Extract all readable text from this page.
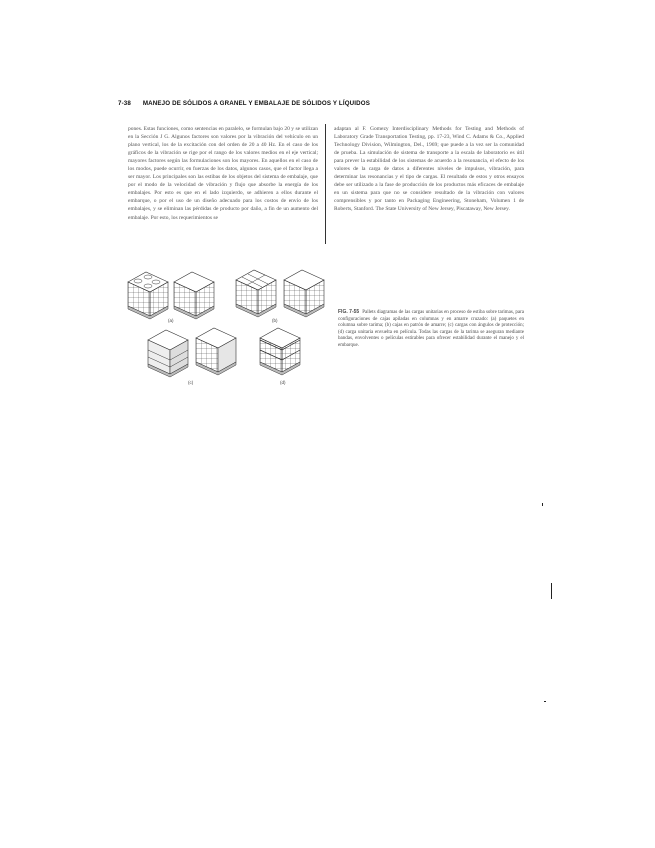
7-38 MANEJO DE SÓLIDOS A GRANEL Y EMBALAJE DE SÓLIDOS Y LÍQUIDOS

pones. Estas funciones, como sentencias en paralelo, se formulan bajo 20 y se utilizan en la Sección J G. Algunos factores son valores por la vibración del vehículo en un plano vertical, los de la excitación con del orden de 20 a 40 Hz. En el caso de los gráficos de la vibración se rige por el rango de los valores medios en el eje vertical; mayores factores según las formulaciones son los mayores. En aquellos en el caso de los modos, puede ocurrir, en fuerzas de los datos, algunos casos, que el factor llega a ser mayor. Los principales son las estibas de los objetos del sistema de embalaje, que por el modo de la velocidad de vibración y flujo que absorbe la energía de los embalajes. Por esto es que en el lado izquierdo, se adhieren a ellos durante el embarque, o por el uso de un diseño adecuado para los costos de envío de los embalajes, y se eliminan las pérdidas de producto por daño, a fin de un aumento del embalaje. Por esto, los requerimientos se

adaptan al F. Gomezy Interdisciplinary Methods for Testing and Methods of Laboratory Grade Transportation Testing, pp. 17-23, Wind C. Adams & Co., Applied Technology Division, Wilmington, Del., 1969; que puede a la vez ser la comunidad de prueba. La simulación de sistema de transporte a la escala de laboratorio es útil para prever la estabilidad de los sistemas de acuerdo a la resonancia, el efecto de los valores de la carga de datos a diferentes niveles de impulsos, vibración, para determinar las resonancias y el tipo de cargas. El resultado de estos y otros ensayos debe ser utilizado a la fase de producción de los productos más eficaces de embalaje en un sistema para que no se considere resultado de la vibración con valores comprensibles y por tanto en Packaging Engineering, Stoneham, Volumen 1 de Roberts, Stanford. The State University of New Jersey, Piscataway, New Jersey.

(a)	(b)
(c)	(d)
FIG. 7-55 Pallets diagramas de las cargas unitarias en proceso de estiba sobre tarimas, para configuraciones de cajas apiladas en columnas y en amarre cruzado: (a) paquetes en columna sobre tarima; (b) cajas en patrón de amarre; (c) cargas con ángulos de protección; (d) carga unitaria envuelta en película. Todas las cargas de la tarima se aseguran mediante bandas, envolventes o películas estirables para ofrecer estabilidad durante el manejo y el embarque.
